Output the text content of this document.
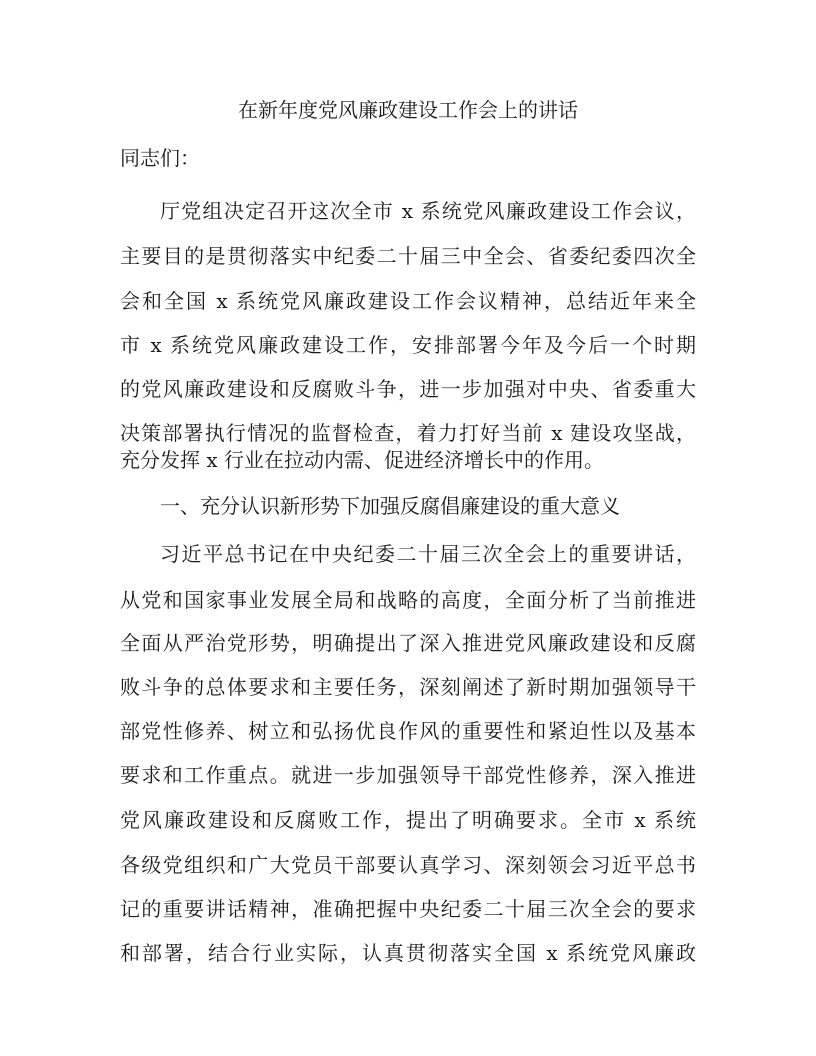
在新年度党风廉政建设工作会上的讲话
同志们：
厅党组决定召开这次全市 x 系统党风廉政建设工作会议，
主要目的是贯彻落实中纪委二十届三中全会、省委纪委四次全
会和全国 x 系统党风廉政建设工作会议精神，总结近年来全
市 x 系统党风廉政建设工作，安排部署今年及今后一个时期
的党风廉政建设和反腐败斗争，进一步加强对中央、省委重大
决策部署执行情况的监督检查，着力打好当前 x 建设攻坚战，
充分发挥 x 行业在拉动内需、促进经济增长中的作用。
一、充分认识新形势下加强反腐倡廉建设的重大意义
习近平总书记在中央纪委二十届三次全会上的重要讲话，
从党和国家事业发展全局和战略的高度，全面分析了当前推进
全面从严治党形势，明确提出了深入推进党风廉政建设和反腐
败斗争的总体要求和主要任务，深刻阐述了新时期加强领导干
部党性修养、树立和弘扬优良作风的重要性和紧迫性以及基本
要求和工作重点。就进一步加强领导干部党性修养，深入推进
党风廉政建设和反腐败工作，提出了明确要求。全市 x 系统
各级党组织和广大党员干部要认真学习、深刻领会习近平总书
记的重要讲话精神，准确把握中央纪委二十届三次全会的要求
和部署，结合行业实际，认真贯彻落实全国 x 系统党风廉政
